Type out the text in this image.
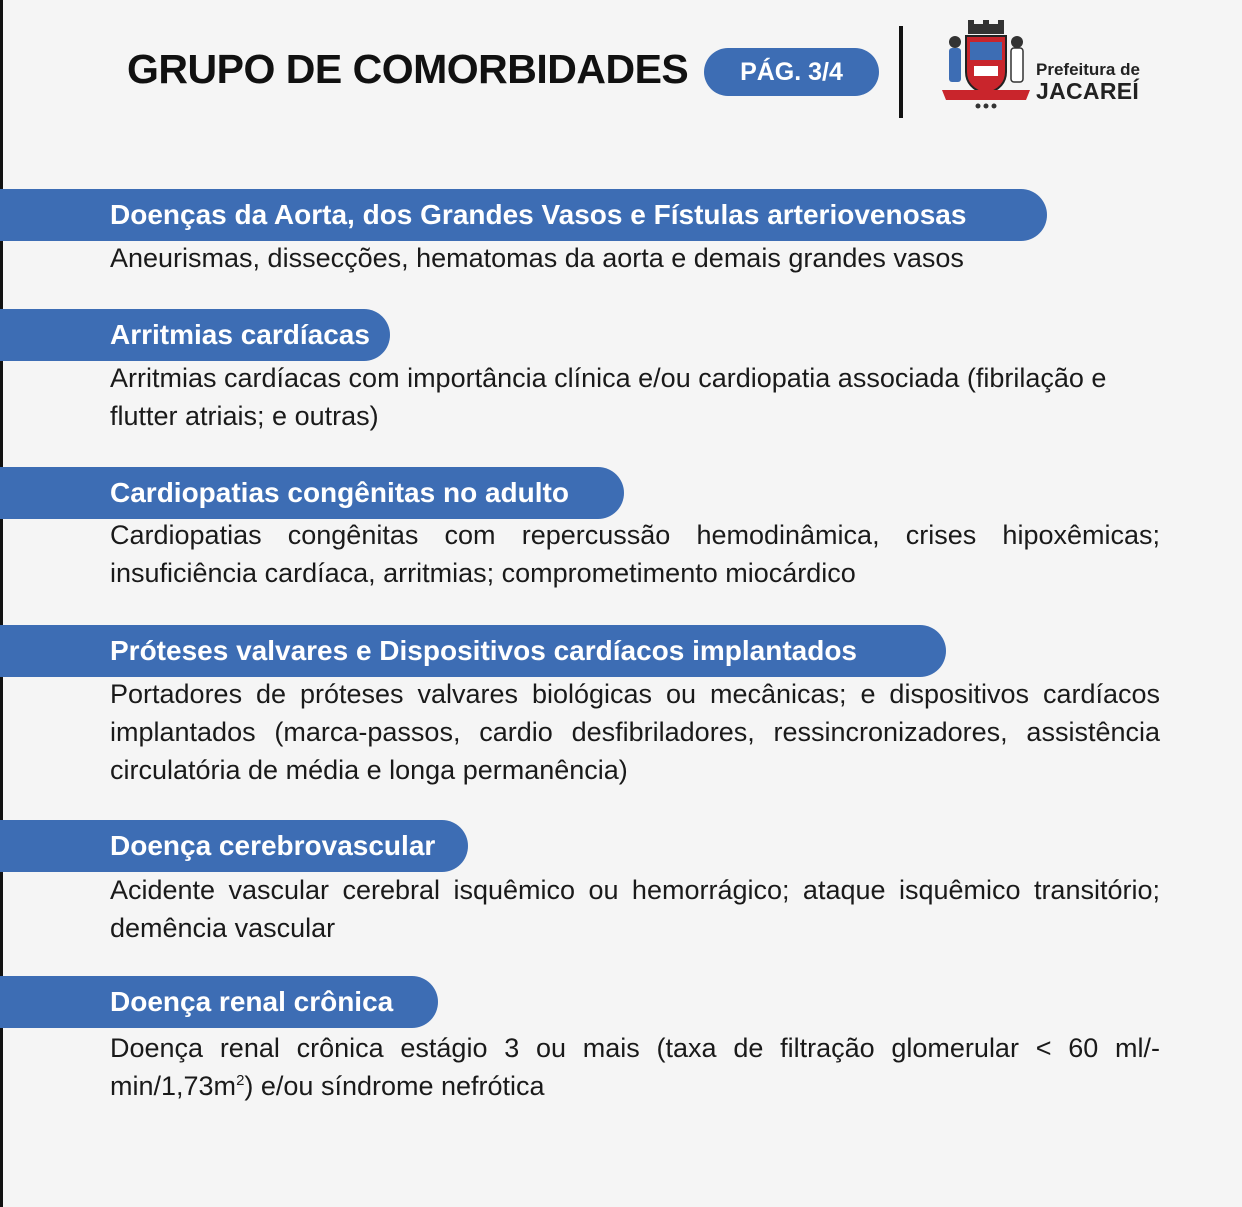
GRUPO DE COMORBIDADES	PÁG. 3/4	Prefeitura de
JACAREÍ
Doenças da Aorta, dos Grandes Vasos e Fístulas arteriovenosas
Aneurismas, dissecções, hematomas da aorta e demais grandes vasos
Arritmias cardíacas
Arritmias cardíacas com importância clínica e/ou cardiopatia associada (fibrilação e flutter atriais; e outras)
Cardiopatias congênitas no adulto
Cardiopatias congênitas com repercussão hemodinâmica, crises hipoxêmicas; insuficiência cardíaca, arritmias; comprometimento miocárdico
Próteses valvares e Dispositivos cardíacos implantados
Portadores de próteses valvares biológicas ou mecânicas; e dispositivos cardíacos implantados (marca-passos, cardio desfibriladores, ressincronizadores, assistência circulatória de média e longa permanência)
Doença cerebrovascular
Acidente vascular cerebral isquêmico ou hemorrágico; ataque isquêmico transitório; demência vascular
Doença renal crônica
Doença renal crônica estágio 3 ou mais (taxa de filtração glomerular < 60 $ml/-\min/1,73m^2$) e/ou síndrome nefrótica
